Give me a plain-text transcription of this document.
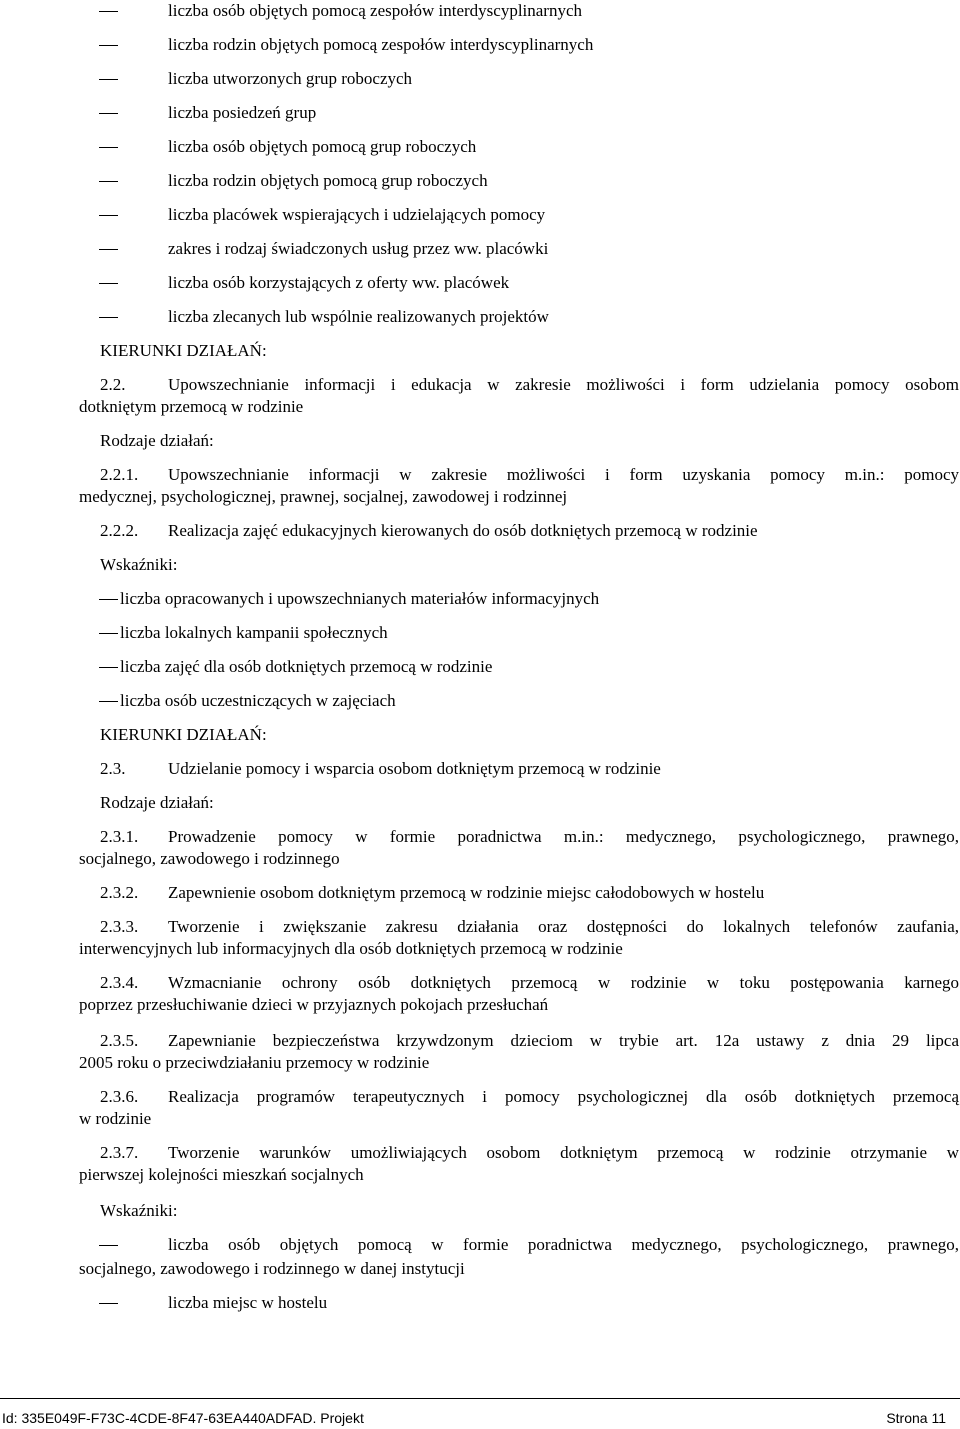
liczba osób objętych pomocą zespołów interdyscyplinarnych
liczba rodzin objętych pomocą zespołów interdyscyplinarnych
liczba utworzonych grup roboczych
liczba posiedzeń grup
liczba osób objętych pomocą grup roboczych
liczba rodzin objętych pomocą grup roboczych
liczba placówek wspierających i udzielających pomocy
zakres i rodzaj świadczonych usług przez ww. placówki
liczba osób korzystających z oferty ww. placówek
liczba zlecanych lub wspólnie realizowanych projektów
KIERUNKI DZIAŁAŃ:
2.2.	Upowszechnianie informacji i edukacja w zakresie możliwości i form udzielania pomocy osobom
dotkniętym przemocą w rodzinie
Rodzaje działań:
2.2.1. Upowszechnianie informacji w zakresie możliwości i form uzyskania pomocy m.in.: pomocy
medycznej, psychologicznej, prawnej, socjalnej, zawodowej i rodzinnej
2.2.2. Realizacja zajęć edukacyjnych kierowanych do osób dotkniętych przemocą w rodzinie
Wskaźniki:
liczba opracowanych i upowszechnianych materiałów informacyjnych
liczba lokalnych kampanii społecznych
liczba zajęć dla osób dotkniętych przemocą w rodzinie
liczba osób uczestniczących w zajęciach
KIERUNKI DZIAŁAŃ:
2.3.	Udzielanie pomocy i wsparcia osobom dotkniętym przemocą w rodzinie
Rodzaje działań:
2.3.1. Prowadzenie pomocy w formie poradnictwa m.in.: medycznego, psychologicznego, prawnego,
socjalnego, zawodowego i rodzinnego
2.3.2. Zapewnienie osobom dotkniętym przemocą w rodzinie miejsc całodobowych w hostelu
2.3.3. Tworzenie i zwiększanie zakresu działania oraz dostępności do lokalnych telefonów zaufania,
interwencyjnych lub informacyjnych dla osób dotkniętych przemocą w rodzinie
2.3.4. Wzmacnianie ochrony osób dotkniętych przemocą w rodzinie w toku postępowania karnego
poprzez przesłuchiwanie dzieci w przyjaznych pokojach przesłuchań
2.3.5. Zapewnianie bezpieczeństwa krzywdzonym dzieciom w trybie art. 12a ustawy z dnia 29 lipca
2005 roku o przeciwdziałaniu przemocy w rodzinie
2.3.6. Realizacja programów terapeutycznych i pomocy psychologicznej dla osób dotkniętych przemocą
w rodzinie
2.3.7. Tworzenie warunków umożliwiających osobom dotkniętym przemocą w rodzinie otrzymanie w
pierwszej kolejności mieszkań socjalnych
Wskaźniki:
liczba osób objętych pomocą w formie poradnictwa medycznego, psychologicznego, prawnego,
socjalnego, zawodowego i rodzinnego w danej instytucji
liczba miejsc w hostelu
Id: 335E049F-F73C-4CDE-8F47-63EA440ADFAD. Projekt	Strona 11
